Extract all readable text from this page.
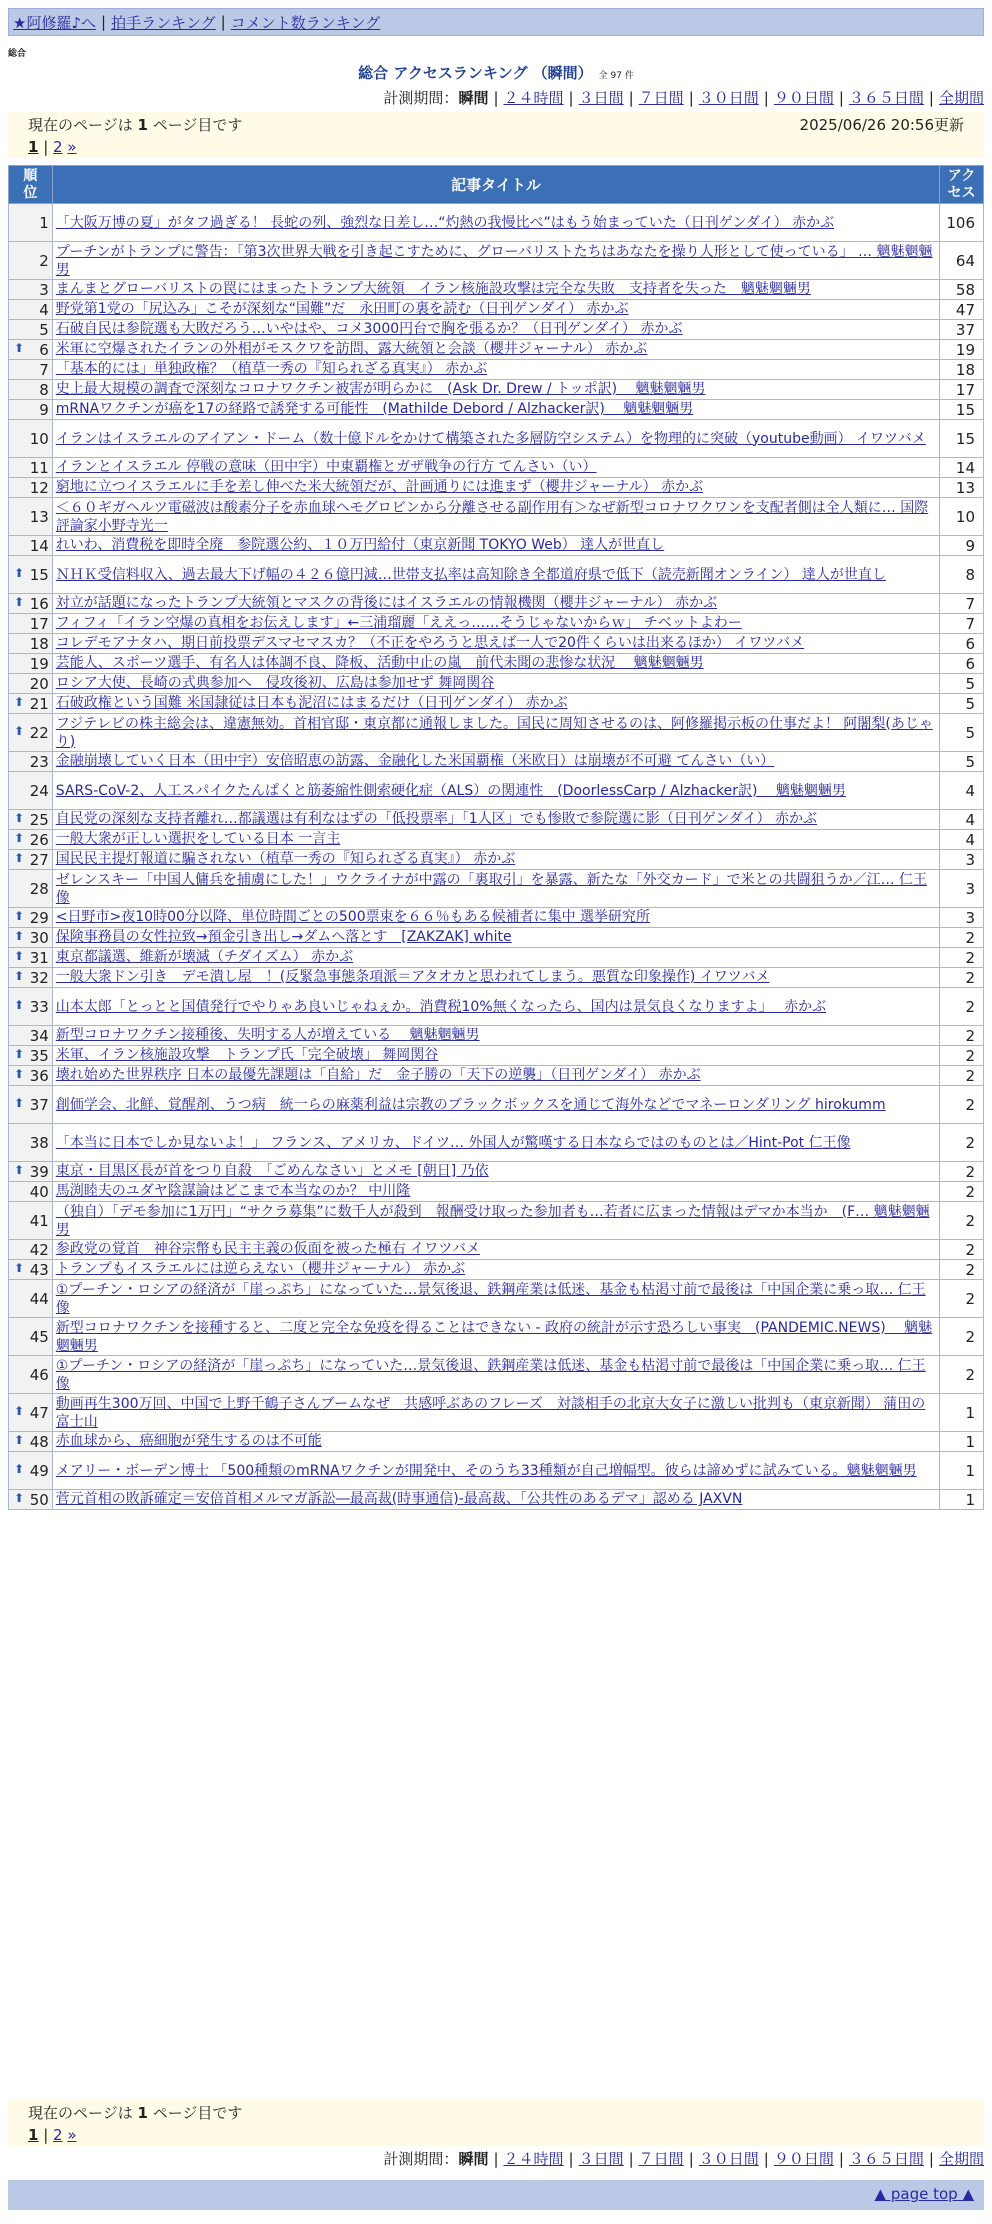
★阿修羅♪へ | 拍手ランキング | コメント数ランキング
総合
総合 アクセスランキング （瞬間） 全 97 件
計測期間：瞬間 | ２４時間 | ３日間 | ７日間 | ３０日間 | ９０日間 | ３６５日間 | 全期間
現在のページは 1 ページ目です	2025/06/26 20:56更新
1 | 2 »
順位	記事タイトル	アクセス
1	「大阪万博の夏」がタフ過ぎる！ 長蛇の列、強烈な日差し…“灼熱の我慢比べ”はもう始まっていた（日刊ゲンダイ） 赤かぶ	106
2	プーチンがトランプに警告：「第3次世界大戦を引き起こすために、グローバリストたちはあなたを操り人形として使っている」 … 魑魅魍魎男	64
3	まんまとグローバリストの罠にはまったトランプ大統領　イラン核施設攻撃は完全な失敗　支持者を失った　魑魅魍魎男	58
4	野党第1党の「尻込み」こそが深刻な“国難”だ　永田町の裏を読む（日刊ゲンダイ） 赤かぶ	47
5	石破自民は参院選も大敗だろう…いやはや、コメ3000円台で胸を張るか？（日刊ゲンダイ） 赤かぶ	37

⬆ 6	米軍に空爆されたイランの外相がモスクワを訪問、露大統領と会談（櫻井ジャーナル） 赤かぶ	19
7	「基本的には」単独政権？（植草一秀の『知られざる真実』） 赤かぶ	18
8	史上最大規模の調査で深刻なコロナワクチン被害が明らかに　(Ask Dr. Drew / トッポ訳)　 魑魅魍魎男	17
9	mRNAワクチンが癌を17の経路で誘発する可能性　(Mathilde Debord / Alzhacker訳)　 魑魅魍魎男	15
10	イランはイスラエルのアイアン・ドーム（数十億ドルをかけて構築された多層防空システム）を物理的に突破（youtube動画） イワツバメ	15
11	イランとイスラエル 停戦の意味（田中宇）中東覇権とガザ戦争の行方 てんさい（い）	14
12	窮地に立つイスラエルに手を差し伸べた米大統領だが、計画通りには進まず（櫻井ジャーナル） 赤かぶ	13
13	＜６０ギガヘルツ電磁波は酸素分子を赤血球ヘモグロビンから分離させる副作用有＞なぜ新型コロナワクワンを支配者側は全人類に… 国際評論家小野寺光一	10
14	れいわ、消費税を即時全廃　参院選公約、１０万円給付（東京新聞 TOKYO Web） 達人が世直し	9

⬆ 15	ＮＨＫ受信料収入、過去最大下げ幅の４２６億円減…世帯支払率は高知除き全都道府県で低下（読売新聞オンライン） 達人が世直し	8

⬆ 16	対立が話題になったトランプ大統領とマスクの背後にはイスラエルの情報機関（櫻井ジャーナル） 赤かぶ	7
17	フィフィ「イラン空爆の真相をお伝えします」←三浦瑠麗「ええっ……そうじゃないからｗ」 チベットよわー	7
18	コレデモアナタハ、期日前投票デスマセマスカ？（不正をやろうと思えば一人で20件くらいは出来るほか） イワツバメ	6
19	芸能人、スポーツ選手、有名人は体調不良、降板、活動中止の嵐　前代未聞の悲惨な状況　 魑魅魍魎男	6
20	ロシア大使、長崎の式典参加へ　侵攻後初、広島は参加せず 舞岡関谷	5

⬆ 21	石破政権という国難 米国隷従は日本も泥沼にはまるだけ（日刊ゲンダイ） 赤かぶ	5

⬆ 22	フジテレビの株主総会は、違憲無効。首相官邸・東京都に通報しました。国民に周知させるのは、阿修羅掲示板の仕事だよ！ 阿闍梨(あじゃり)	5
23	金融崩壊していく日本（田中宇）安倍昭恵の訪露、金融化した米国覇権（米欧日）は崩壊が不可避 てんさい（い）	5
24	SARS-CoV-2、人工スパイクたんぱくと筋萎縮性側索硬化症（ALS）の関連性　(DoorlessCarp / Alzhacker訳)　 魑魅魍魎男	4

⬆ 25	自民党の深刻な支持者離れ…都議選は有利なはずの「低投票率」「1人区」でも惨敗で参院選に影（日刊ゲンダイ） 赤かぶ	4

⬆ 26	一般大衆が正しい選択をしている日本 一言主	4

⬆ 27	国民民主提灯報道に騙されない（植草一秀の『知られざる真実』） 赤かぶ	3
28	ゼレンスキー「中国人傭兵を捕虜にした！」ウクライナが中露の「裏取引」を暴露、新たな「外交カード」で米との共闘狙うか／江… 仁王像	3

⬆ 29	<日野市>夜10時00分以降、単位時間ごとの500票束を６６％もある候補者に集中 選挙研究所	3

⬆ 30	保険事務員の女性拉致→預金引き出し→ダムへ落とす　[ZAKZAK] white	2

⬆ 31	東京都議選、維新が壊滅（チダイズム） 赤かぶ	2

⬆ 32	一般大衆ドン引き　デモ潰し屋　！(反緊急事態条項派＝アタオカと思われてしまう。悪質な印象操作) イワツバメ	2

⬆ 33	山本太郎「とっとと国債発行でやりゃあ良いじゃねぇか。消費税10%無くなったら、国内は景気良くなりますよ」　 赤かぶ	2
34	新型コロナワクチン接種後、失明する人が増えている　 魑魅魍魎男	2

⬆ 35	米軍、イラン核施設攻撃　トランプ氏「完全破壊」 舞岡関谷	2

⬆ 36	壊れ始めた世界秩序 日本の最優先課題は「自給」だ　金子勝の「天下の逆襲」（日刊ゲンダイ） 赤かぶ	2

⬆ 37	創価学会、北鮮、覚醒剤、うつ病　統一らの麻薬利益は宗教のブラックボックスを通じて海外などでマネーロンダリング hirokumm	2
38	「本当に日本でしか見ないよ！」 フランス、アメリカ、ドイツ… 外国人が驚嘆する日本ならではのものとは／Hint-Pot 仁王像	2

⬆ 39	東京・目黒区長が首をつり自殺　「ごめんなさい」とメモ [朝日] 乃依	2
40	馬渕睦夫のユダヤ陰謀論はどこまで本当なのか？ 中川隆	2
41	（独自）「デモ参加に1万円」“サクラ募集”に数千人が殺到　報酬受け取った参加者も…若者に広まった情報はデマか本当か　(F… 魑魅魍魎男	2
42	参政党の覚首　神谷宗幣も民主主義の仮面を被った極右 イワツバメ	2

⬆ 43	トランプもイスラエルには逆らえない（櫻井ジャーナル） 赤かぶ	2
44	①プーチン・ロシアの経済が「崖っぷち」になっていた…景気後退、鉄鋼産業は低迷、基金も枯渇寸前で最後は「中国企業に乗っ取… 仁王像	2
45	新型コロナワクチンを接種すると、二度と完全な免疫を得ることはできない - 政府の統計が示す恐ろしい事実　(PANDEMIC.NEWS)　 魑魅魍魎男	2
46	①プーチン・ロシアの経済が「崖っぷち」になっていた…景気後退、鉄鋼産業は低迷、基金も枯渇寸前で最後は「中国企業に乗っ取… 仁王像	2

⬆ 47	動画再生300万回、中国で上野千鶴子さんブームなぜ　共感呼ぶあのフレーズ　対談相手の北京大女子に激しい批判も（東京新聞） 蒲田の富士山	1

⬆ 48	赤血球から、癌細胞が発生するのは不可能	1

⬆ 49	メアリー・ボーデン博士 「500種類のmRNAワクチンが開発中、そのうち33種類が自己増幅型。彼らは諦めずに試みている。魑魅魍魎男	1

⬆ 50	菅元首相の敗訴確定＝安倍首相メルマガ訴訟―最高裁(時事通信)-最高裁、「公共性のあるデマ」認める JAXVN	1
現在のページは 1 ページ目です
1 | 2 »
計測期間：瞬間 | ２４時間 | ３日間 | ７日間 | ３０日間 | ９０日間 | ３６５日間 | 全期間
▲ page top ▲
